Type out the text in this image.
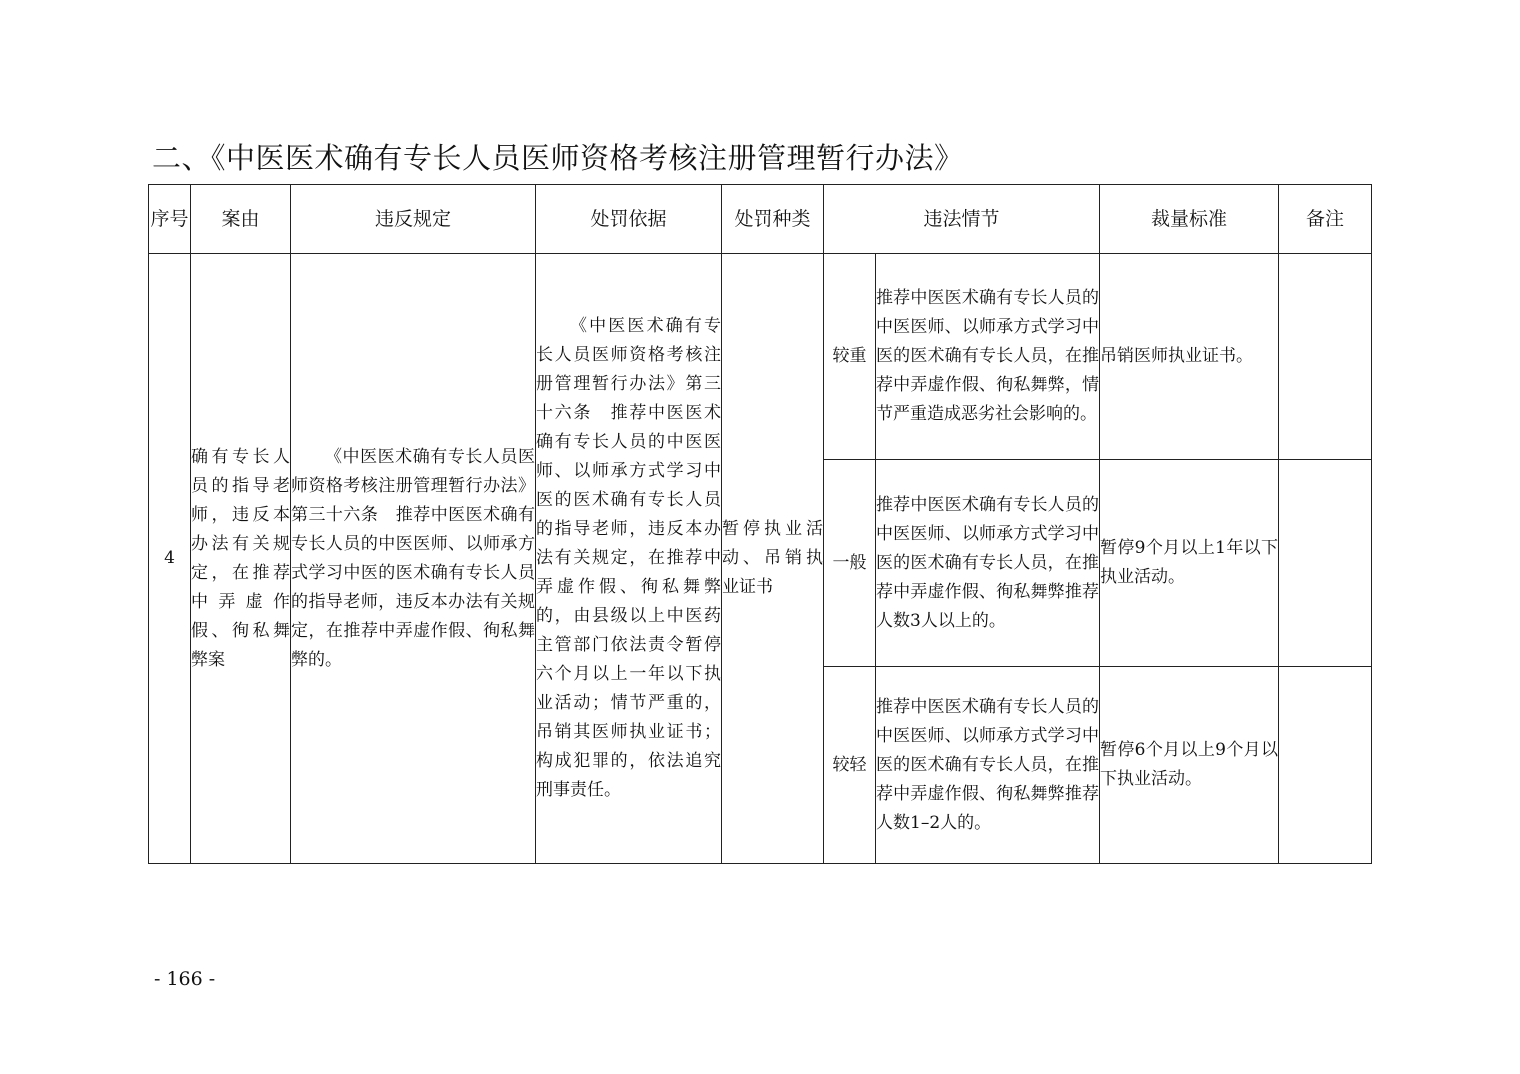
二、《中医医术确有专长人员医师资格考核注册管理暂行办法》
序号	案由	违反规定	处罚依据	处罚种类	违法情节		裁量标准	备注
4	确有专长人员的指导老师，违反本办法有关规定，在推荐中弄虚作假、徇私舞弊案	《中医医术确有专长人员医师资格考核注册管理暂行办法》第三十六条　推荐中医医术确有专长人员的中医医师、以师承方式学习中医的医术确有专长人员的指导老师，违反本办法有关规定，在推荐中弄虚作假、徇私舞弊的。	《中医医术确有专长人员医师资格考核注册管理暂行办法》第三十六条　推荐中医医术确有专长人员的中医医师、以师承方式学习中医的医术确有专长人员的指导老师，违反本办法有关规定，在推荐中弄虚作假、徇私舞弊的，由县级以上中医药主管部门依法责令暂停六个月以上一年以下执业活动；情节严重的，吊销其医师执业证书；构成犯罪的，依法追究刑事责任。	暂停执业活动、吊销执业证书	较重	推荐中医医术确有专长人员的中医医师、以师承方式学习中医的医术确有专长人员，在推荐中弄虚作假、徇私舞弊，情节严重造成恶劣社会影响的。	吊销医师执业证书。	
					一般	推荐中医医术确有专长人员的中医医师、以师承方式学习中医的医术确有专长人员，在推荐中弄虚作假、徇私舞弊推荐人数3人以上的。	暂停9个月以上1年以下执业活动。	
					较轻	推荐中医医术确有专长人员的中医医师、以师承方式学习中医的医术确有专长人员，在推荐中弄虚作假、徇私舞弊推荐人数1–2人的。	暂停6个月以上9个月以下执业活动。	
- 166 -
